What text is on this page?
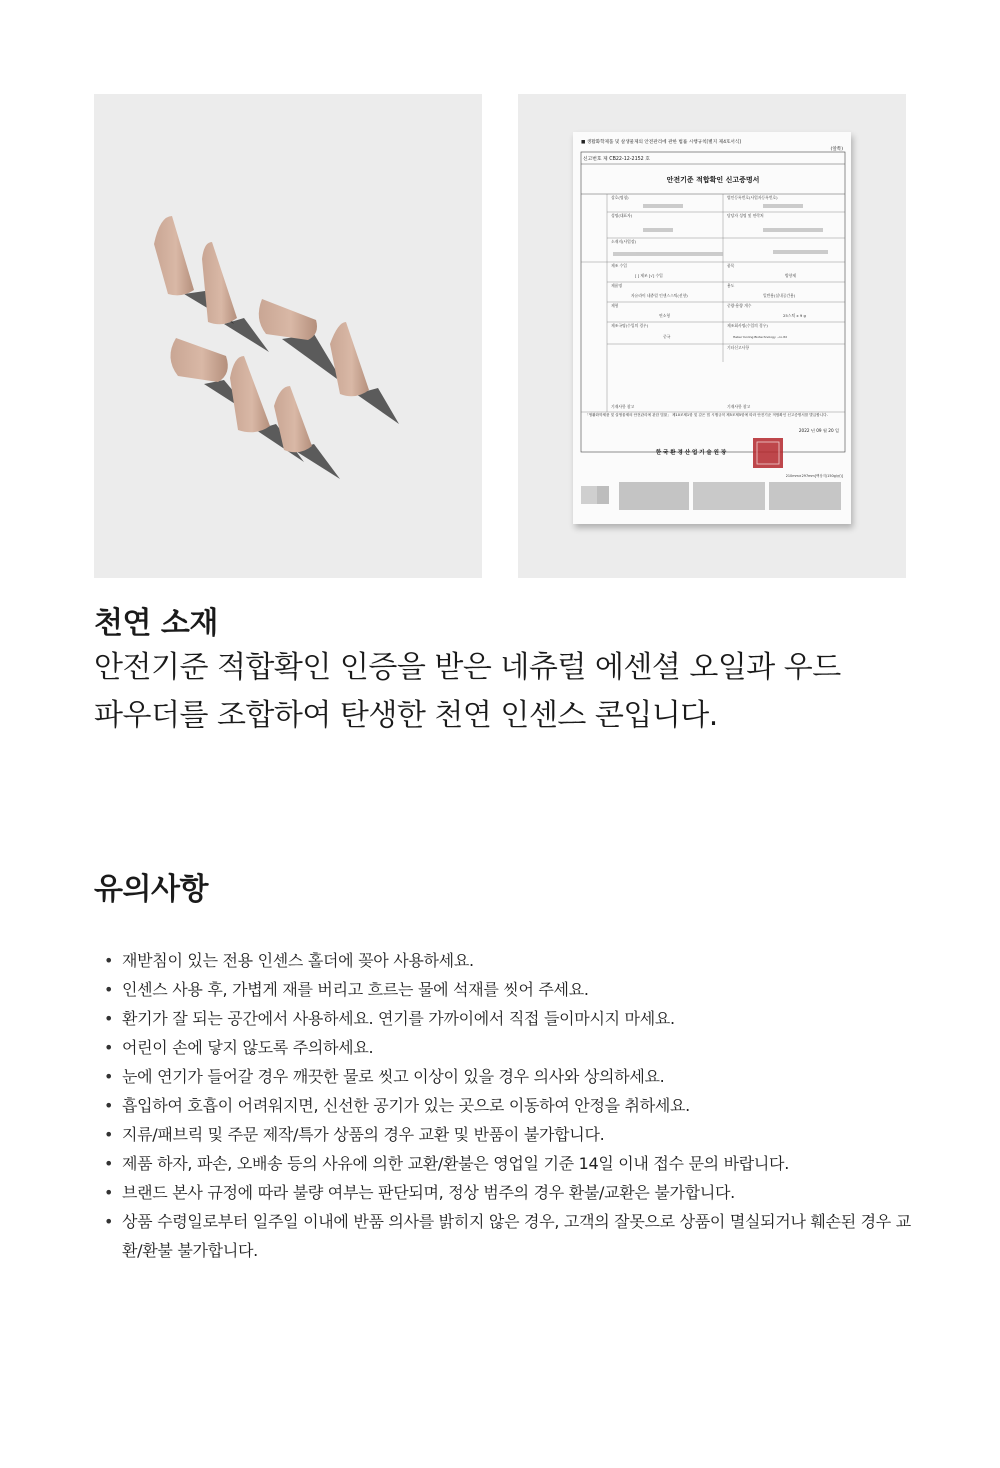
■ 생활화학제품 및 살생물제의 안전관리에 관한 법률 시행규칙[별지 제4호서식]
(앞쪽)
신고번호 제 CB22-12-2152 호
안전기준 적합확인 신고증명서
상호(명칭)	법인등록번호(사업자등록번호)
성명(대표자)	담당자 성명 및 연락처
소재지(사업장)
제조 수입	품목
[ ] 제조 [√] 수입	방향제
제품명	용도
자유라이 네츄럴 인센스스틱(선향)	일반용(실내공간용)
제형	중량·용량 개수
연소형	25스틱 x 9 g
제조국명(수입의 경우)	제조회사명(수입의 경우)
중국	Hebei Yunling Biotechnology .,co.ltd
기타신고사항
기재사항 참고	기재사항 참고
「생활화학제품 및 살생물제의 안전관리에 관한 법률」 제10조제1항 및 같은 법 시행규칙 제5조제5항에 따라 안전기준 적합확인 신고증명서를 발급합니다.
2022 년 09 월 20 일
한 국 환 경 산 업 기 술 원 장
210mm×297mm[백상지(150g/㎡)]
천연 소재

안전기준 적합확인 인증을 받은 네츄럴 에센셜 오일과 우드
파우더를 조합하여 탄생한 천연 인센스 콘입니다.

유의사항
• 재받침이 있는 전용 인센스 홀더에 꽂아 사용하세요.
• 인센스 사용 후, 가볍게 재를 버리고 흐르는 물에 석재를 씻어 주세요.
• 환기가 잘 되는 공간에서 사용하세요. 연기를 가까이에서 직접 들이마시지 마세요.
• 어린이 손에 닿지 않도록 주의하세요.
• 눈에 연기가 들어갈 경우 깨끗한 물로 씻고 이상이 있을 경우 의사와 상의하세요.
• 흡입하여 호흡이 어려워지면, 신선한 공기가 있는 곳으로 이동하여 안정을 취하세요.
• 지류/패브릭 및 주문 제작/특가 상품의 경우 교환 및 반품이 불가합니다.
• 제품 하자, 파손, 오배송 등의 사유에 의한 교환/환불은 영업일 기준 14일 이내 접수 문의 바랍니다.
• 브랜드 본사 규정에 따라 불량 여부는 판단되며, 정상 범주의 경우 환불/교환은 불가합니다.
• 상품 수령일로부터 일주일 이내에 반품 의사를 밝히지 않은 경우, 고객의 잘못으로 상품이 멸실되거나 훼손된 경우 교환/환불 불가합니다.
